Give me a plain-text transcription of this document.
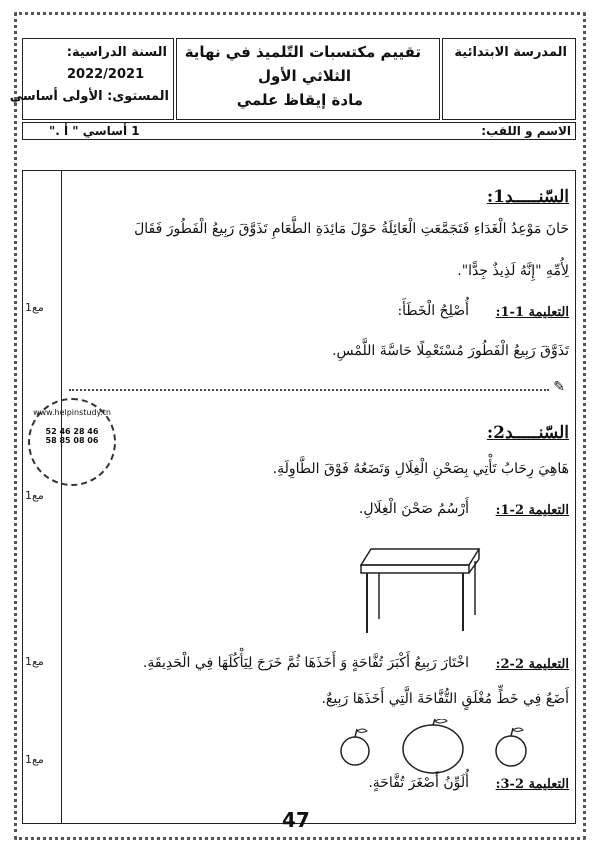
السنة الدراسية:
2022/2021
المستوى: الأولى أساسي
تقييم مكتسبات التّلميذ في نهاية
الثلاثي الأول
مادة إيقاظ علمي
المدرسة الابتدائية
الاسم و اللقب:
1 أساسي " أ ."
السّنـــــد1:
حَانَ مَوْعِدُ الْغَدَاءِ فَتَجَمَّعَتِ الْعَائِلَةُ حَوْلَ مَائِدَةِ الطَّعَامِ تَذَوَّقَ رَبِيعُ الْفَطُورَ فَقَالَ
لِأُمِّهِ "إِنَّهُ لَذِيذٌ جِدًّا".
التعليمة 1-1:
أُصْلِحُ الْخَطَأَ:
تَذَوَّقَ رَبِيعُ الْفَطُورَ مُسْتَعْمِلًا حَاسَّةَ اللَّمْسِ.
✎
مع1
السّنـــــد2:
هَاهِيَ رِحَابُ تَأْتِي بِصَحْنِ الْغِلَالِ وَتَضَعُهُ فَوْقَ الطَّاوِلَةِ.
التعليمة 2-1:
أَرْسُمُ صَحْنَ الْغِلَالِ.
مع1
التعليمة 2-2:
اخْتَارَ رَبِيعُ أَكْبَرَ تُفَّاحَةٍ وَ أَخَذَهَا ثُمَّ خَرَجَ لِيَأْكُلَهَا فِي الْحَدِيقَةِ.
أَضَعُ فِي خَطٍّ مُغْلَقٍ التُّفَّاحَةَ الَّتِي أَخَذَهَا رَبِيعٌ.
مع1
التعليمة 2-3:
أُلَوِّنُ أَصْغَرَ تُفَّاحَةٍ.
مع1
www.helpinstudy.tn
52 46 28 46
58 85 08 06
47
